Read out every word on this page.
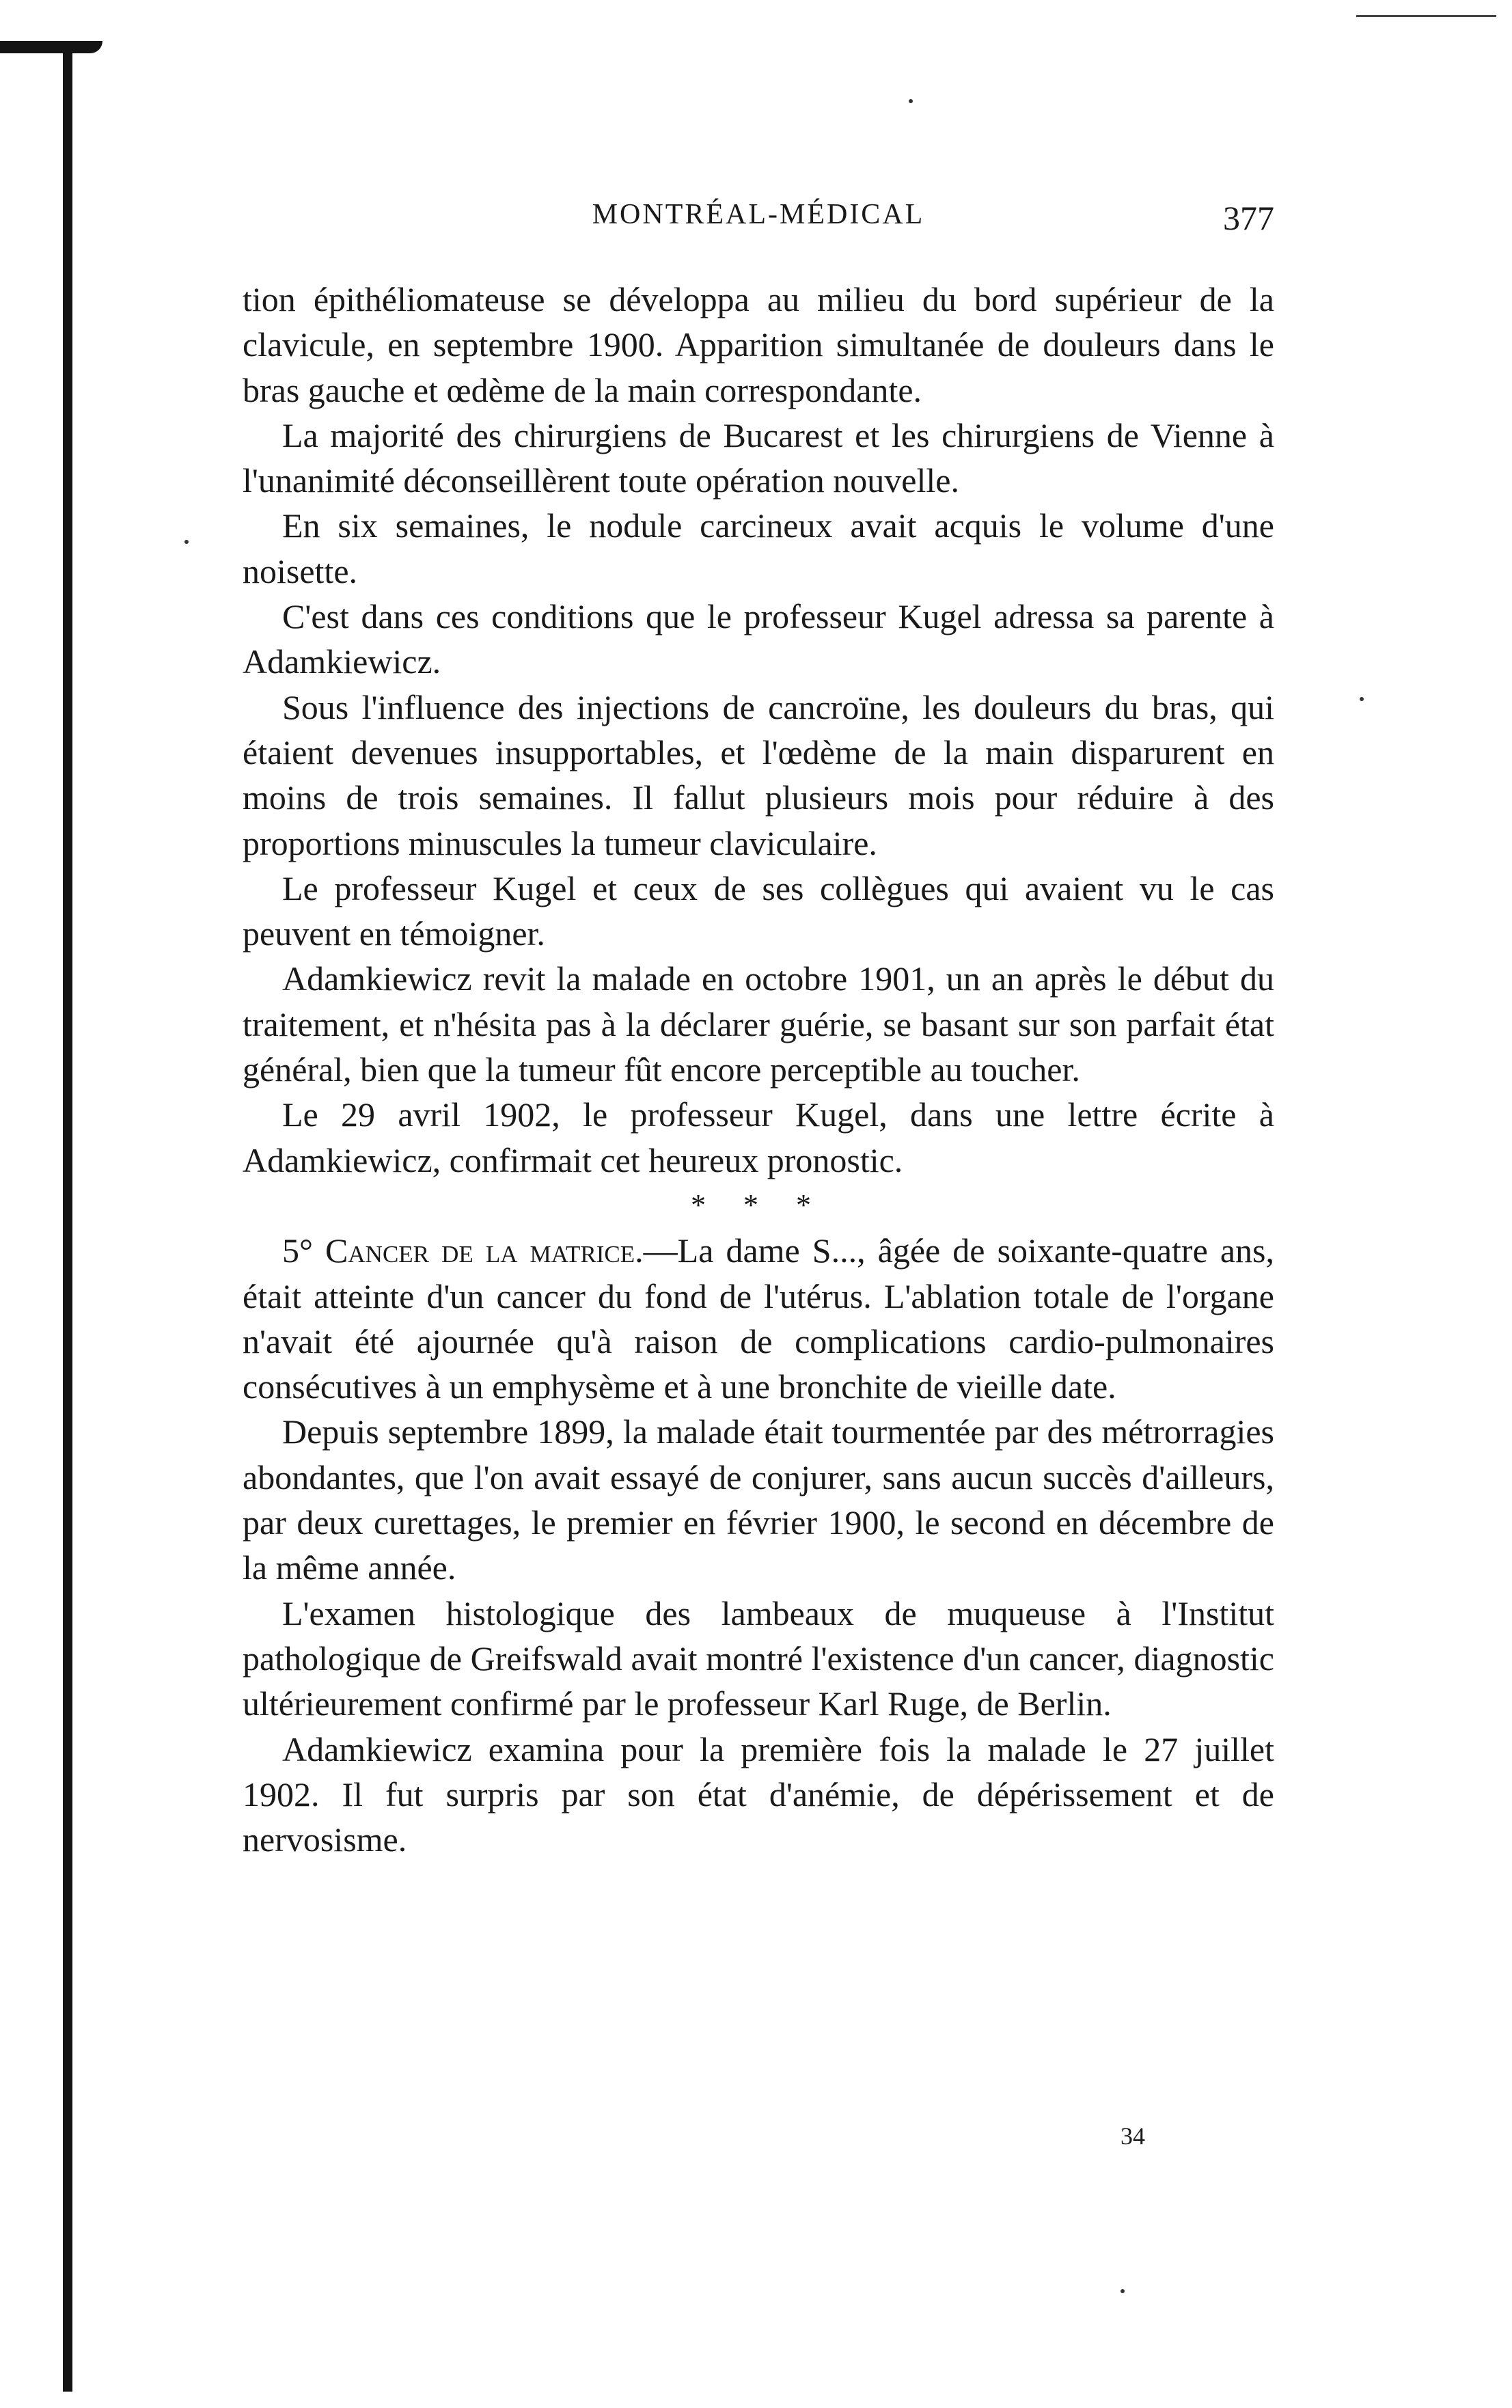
MONTRÉAL-MÉDICAL	377

tion épithéliomateuse se développa au milieu du bord supérieur de la clavicule, en septembre 1900. Apparition simultanée de douleurs dans le bras gauche et œdème de la main correspondante.

La majorité des chirurgiens de Bucarest et les chirurgiens de Vienne à l'unanimité déconseillèrent toute opération nouvelle.

En six semaines, le nodule carcineux avait acquis le volume d'une noisette.

C'est dans ces conditions que le professeur Kugel adressa sa parente à Adamkiewicz.

Sous l'influence des injections de cancroïne, les douleurs du bras, qui étaient devenues insupportables, et l'œdème de la main disparurent en moins de trois semaines. Il fallut plusieurs mois pour réduire à des proportions minuscules la tumeur claviculaire.

Le professeur Kugel et ceux de ses collègues qui avaient vu le cas peuvent en témoigner.

Adamkiewicz revit la malade en octobre 1901, un an après le début du traitement, et n'hésita pas à la déclarer guérie, se basant sur son parfait état général, bien que la tumeur fût encore perceptible au toucher.

Le 29 avril 1902, le professeur Kugel, dans une lettre écrite à Adamkiewicz, confirmait cet heureux pronostic.

* * *

5° Cancer de la matrice.—La dame S..., âgée de soixante-quatre ans, était atteinte d'un cancer du fond de l'utérus. L'ablation totale de l'organe n'avait été ajournée qu'à raison de complications cardio-pulmonaires consécutives à un emphysème et à une bronchite de vieille date.

Depuis septembre 1899, la malade était tourmentée par des métrorragies abondantes, que l'on avait essayé de conjurer, sans aucun succès d'ailleurs, par deux curettages, le premier en février 1900, le second en décembre de la même année.

L'examen histologique des lambeaux de muqueuse à l'Institut pathologique de Greifswald avait montré l'existence d'un cancer, diagnostic ultérieurement confirmé par le professeur Karl Ruge, de Berlin.

Adamkiewicz examina pour la première fois la malade le 27 juillet 1902. Il fut surpris par son état d'anémie, de dépérissement et de nervosisme.

34
